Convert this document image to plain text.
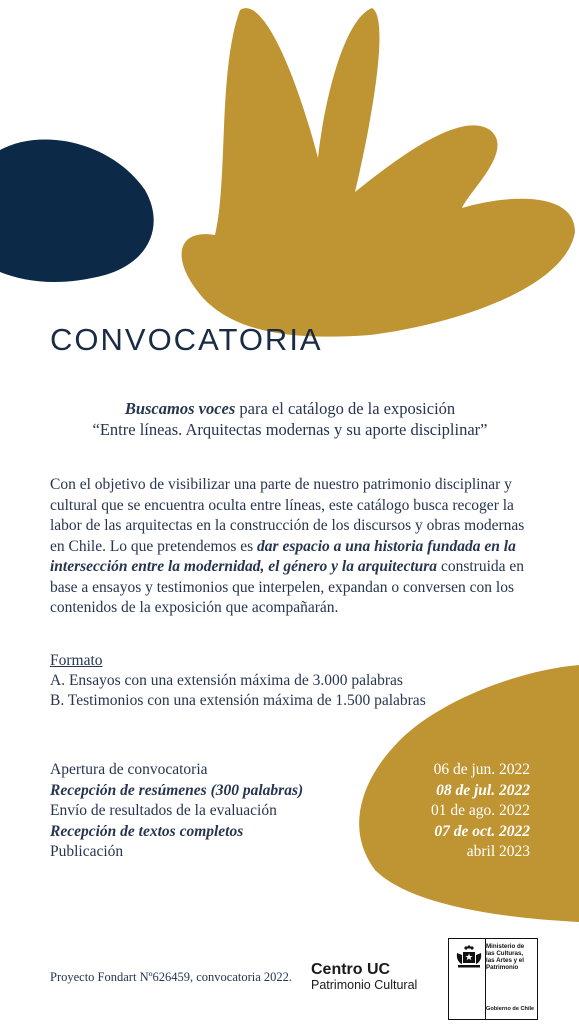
CONVOCATORIA
Buscamos voces para el catálogo de la exposición
“Entre líneas. Arquitectas modernas y su aporte disciplinar”
Con el objetivo de visibilizar una parte de nuestro patrimonio disciplinar y cultural que se encuentra oculta entre líneas, este catálogo busca recoger la labor de las arquitectas en la construcción de los discursos y obras modernas en Chile. Lo que pretendemos es dar espacio a una historia fundada en la intersección entre la modernidad, el género y la arquitectura construida en base a ensayos y testimonios que interpelen, expandan o conversen con los contenidos de la exposición que acompañarán.
Formato
A. Ensayos con una extensión máxima de 3.000 palabras
B. Testimonios con una extensión máxima de 1.500 palabras
Apertura de convocatoria	06 de jun. 2022
Recepción de resúmenes (300 palabras)	08 de jul. 2022
Envío de resultados de la evaluación	01 de ago. 2022
Recepción de textos completos	07 de oct. 2022
Publicación	abril 2023
Proyecto Fondart Nº626459, convocatoria 2022. Centro UC
Patrimonio Cultural
Ministerio de
las Culturas,
las Artes y el
Patrimonio
Gobierno de Chile
